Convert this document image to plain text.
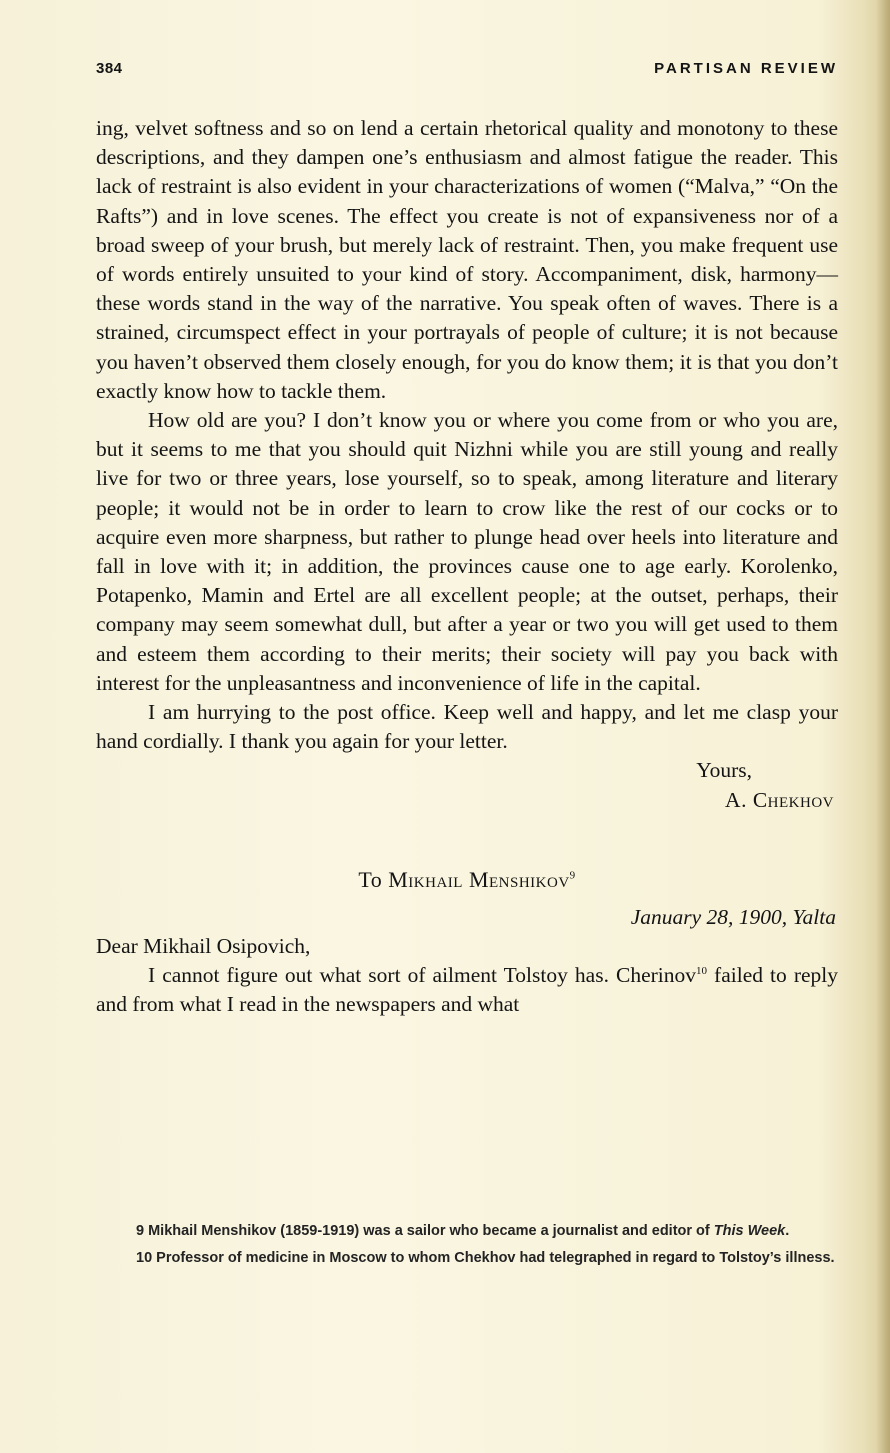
384	PARTISAN REVIEW

ing, velvet softness and so on lend a certain rhetorical quality and monotony to these descriptions, and they dampen one’s enthusiasm and almost fatigue the reader. This lack of restraint is also evident in your characterizations of women (“Malva,” “On the Rafts”) and in love scenes. The effect you create is not of expansiveness nor of a broad sweep of your brush, but merely lack of restraint. Then, you make frequent use of words entirely unsuited to your kind of story. Accompaniment, disk, harmony—these words stand in the way of the narrative. You speak often of waves. There is a strained, circumspect effect in your portrayals of people of culture; it is not because you haven’t observed them closely enough, for you do know them; it is that you don’t exactly know how to tackle them.

How old are you? I don’t know you or where you come from or who you are, but it seems to me that you should quit Nizhni while you are still young and really live for two or three years, lose yourself, so to speak, among literature and literary people; it would not be in order to learn to crow like the rest of our cocks or to acquire even more sharpness, but rather to plunge head over heels into literature and fall in love with it; in addition, the provinces cause one to age early. Korolenko, Potapenko, Mamin and Ertel are all excellent people; at the outset, perhaps, their company may seem somewhat dull, but after a year or two you will get used to them and esteem them according to their merits; their society will pay you back with interest for the unpleasantness and inconvenience of life in the capital.

I am hurrying to the post office. Keep well and happy, and let me clasp your hand cordially. I thank you again for your letter.

Yours,
A. Chekhov
To Mikhail Menshikov$^9$
January 28, 1900, Yalta
Dear Mikhail Osipovich,

I cannot figure out what sort of ailment Tolstoy has. Cherinov$^{10}$ failed to reply and from what I read in the newspapers and what

9 Mikhail Menshikov (1859-1919) was a sailor who became a journalist and editor of This Week.

10 Professor of medicine in Moscow to whom Chekhov had telegraphed in regard to Tolstoy’s illness.
